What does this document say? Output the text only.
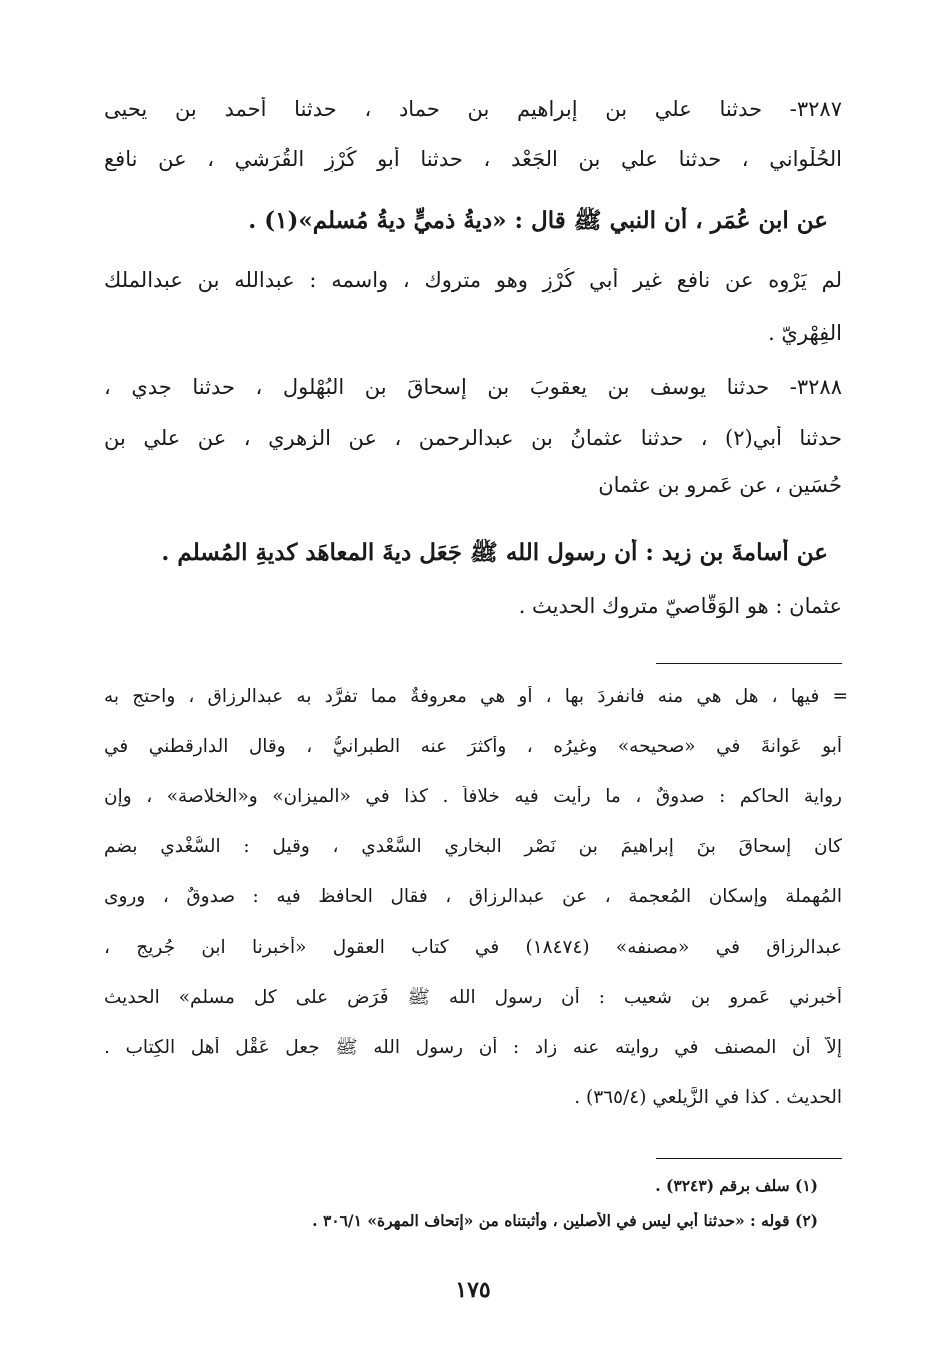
٣٢٨٧- حدثنا علي بن إبراهيم بن حماد ، حدثنا أحمد بن يحيى
الحُلْواني ، حدثنا علي بن الجَعْد ، حدثنا أبو كُرْزٍ القُرَشي ، عن نافع
عن ابن عُمَر ، أن النبي ﷺ قال : «ديةُ ذميٍّ ديةُ مُسلم»(١) .
لم يَرْوِه عن نافع غير أبي كُرْزٍ وهو متروك ، واسمه : عبدالله بن عبدالملك
الفِهْريّ .
٣٢٨٨- حدثنا يوسف بن يعقوبَ بن إسحاقَ بن البُهْلول ، حدثنا جدي ،
حدثنا أبي(٢) ، حدثنا عثمانُ بن عبدالرحمن ، عن الزهري ، عن علي بن
حُسَين ، عن عَمرو بن عثمان
عن أُسامةَ بن زيد : أن رسول الله ﷺ جَعَل ديةَ المعاهَد كديةِ المُسلم .
عثمان : هو الوَقَّاصيّ متروك الحديث .
= فيها ، هل هي منه فانفردَ بها ، أو هي معروفةٌ مما تفرَّد به عبدالرزاق ، واحتج به
أبو عَوانةَ في «صحيحه» وغيرُه ، وأكثرَ عنه الطبرانيُّ ، وقال الدارقطني في
رواية الحاكم : صدوقٌ ، ما رأيت فيه خلافاً . كذا في «الميزان» و«الخلاصة» ، وإن
كان إسحاقَ بنَ إبراهيمَ بنِ نَصْر البخاري السَّعْدي ، وقيل : السُّغْدي بضم
المُهملة وإسكان المُعجمة ، عن عبدالرزاق ، فقال الحافظ فيه : صدوقٌ ، وروى
عبدالرزاق في «مصنفه» (١٨٤٧٤) في كتاب العقول «أخبرنا ابن جُريج ،
أخبرني عَمرو بن شعيب : أن رسول الله ﷺ فَرَض على كل مسلم» الحديث
إلاَّ أن المصنف في روايته عنه زاد : أن رسول الله ﷺ جعل عَقْل أهل الكِتاب .
الحديث . كذا في الزَّيلعي (٣٦٥/٤) .
(١) سلف برقم (٣٢٤٣) .
(٢) قوله : «حدثنا أبي ليس في الأصلين ، وأثبتناه من «إتحاف المهرة» ٣٠٦/١ .
١٧٥
